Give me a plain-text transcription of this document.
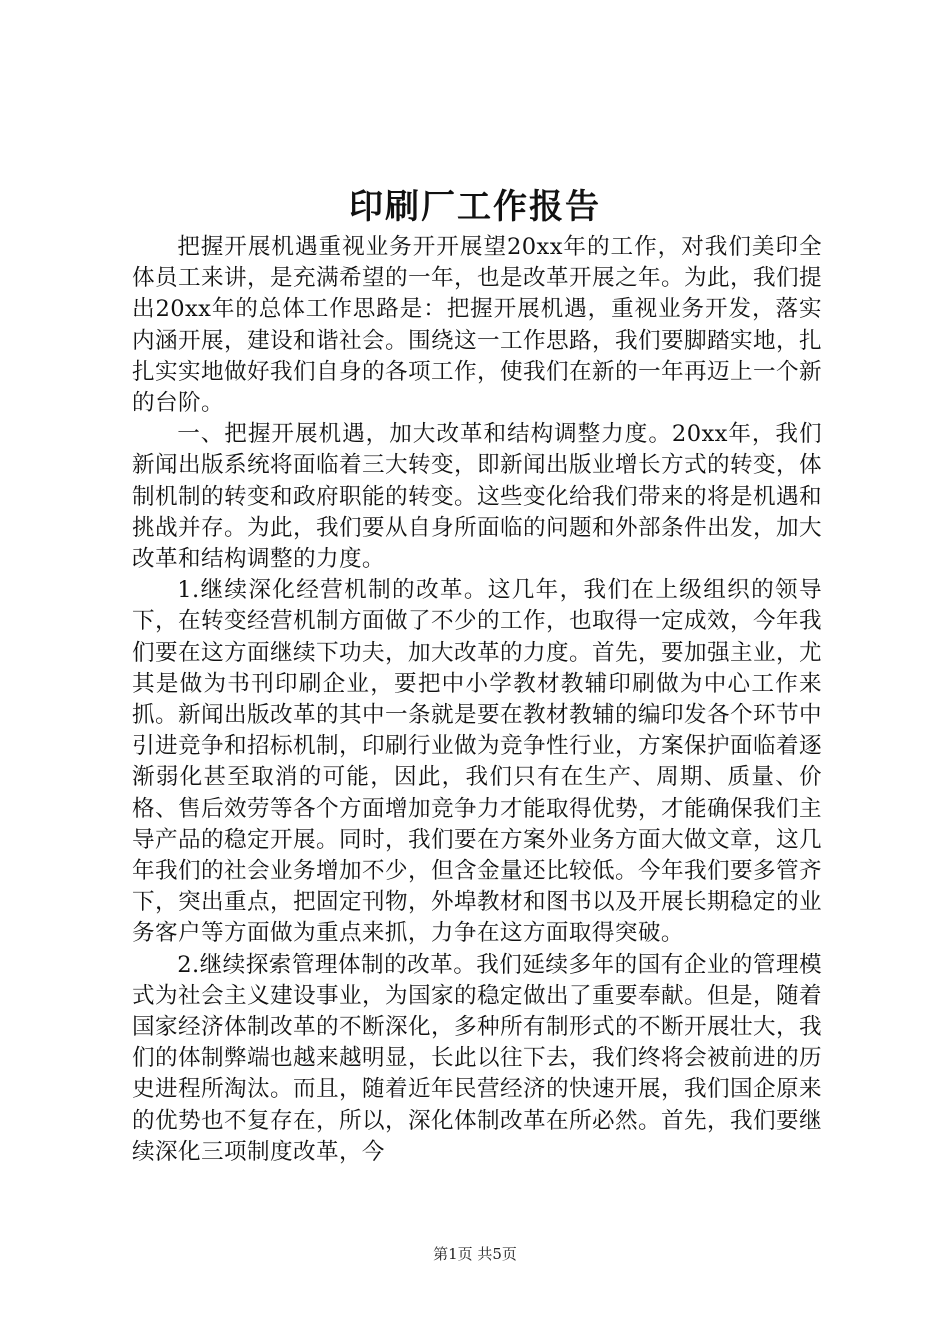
印刷厂工作报告

把握开展机遇重视业务开开展望20xx年的工作，对我们美印全体员工来讲，是充满希望的一年，也是改革开展之年。为此，我们提出20xx年的总体工作思路是：把握开展机遇，重视业务开发，落实内涵开展，建设和谐社会。围绕这一工作思路，我们要脚踏实地，扎扎实实地做好我们自身的各项工作，使我们在新的一年再迈上一个新的台阶。

一、把握开展机遇，加大改革和结构调整力度。20xx年，我们新闻出版系统将面临着三大转变，即新闻出版业增长方式的转变，体制机制的转变和政府职能的转变。这些变化给我们带来的将是机遇和挑战并存。为此，我们要从自身所面临的问题和外部条件出发，加大改革和结构调整的力度。

1.继续深化经营机制的改革。这几年，我们在上级组织的领导下，在转变经营机制方面做了不少的工作，也取得一定成效，今年我们要在这方面继续下功夫，加大改革的力度。首先，要加强主业，尤其是做为书刊印刷企业，要把中小学教材教辅印刷做为中心工作来抓。新闻出版改革的其中一条就是要在教材教辅的编印发各个环节中引进竞争和招标机制，印刷行业做为竞争性行业，方案保护面临着逐渐弱化甚至取消的可能，因此，我们只有在生产、周期、质量、价格、售后效劳等各个方面增加竞争力才能取得优势，才能确保我们主导产品的稳定开展。同时，我们要在方案外业务方面大做文章，这几年我们的社会业务增加不少，但含金量还比较低。今年我们要多管齐下，突出重点，把固定刊物，外埠教材和图书以及开展长期稳定的业务客户等方面做为重点来抓，力争在这方面取得突破。

2.继续探索管理体制的改革。我们延续多年的国有企业的管理模式为社会主义建设事业，为国家的稳定做出了重要奉献。但是，随着国家经济体制改革的不断深化，多种所有制形式的不断开展壮大，我们的体制弊端也越来越明显，长此以往下去，我们终将会被前进的历史进程所淘汰。而且，随着近年民营经济的快速开展，我们国企原来的优势也不复存在，所以，深化体制改革在所必然。首先，我们要继续深化三项制度改革，今

第1页 共5页
